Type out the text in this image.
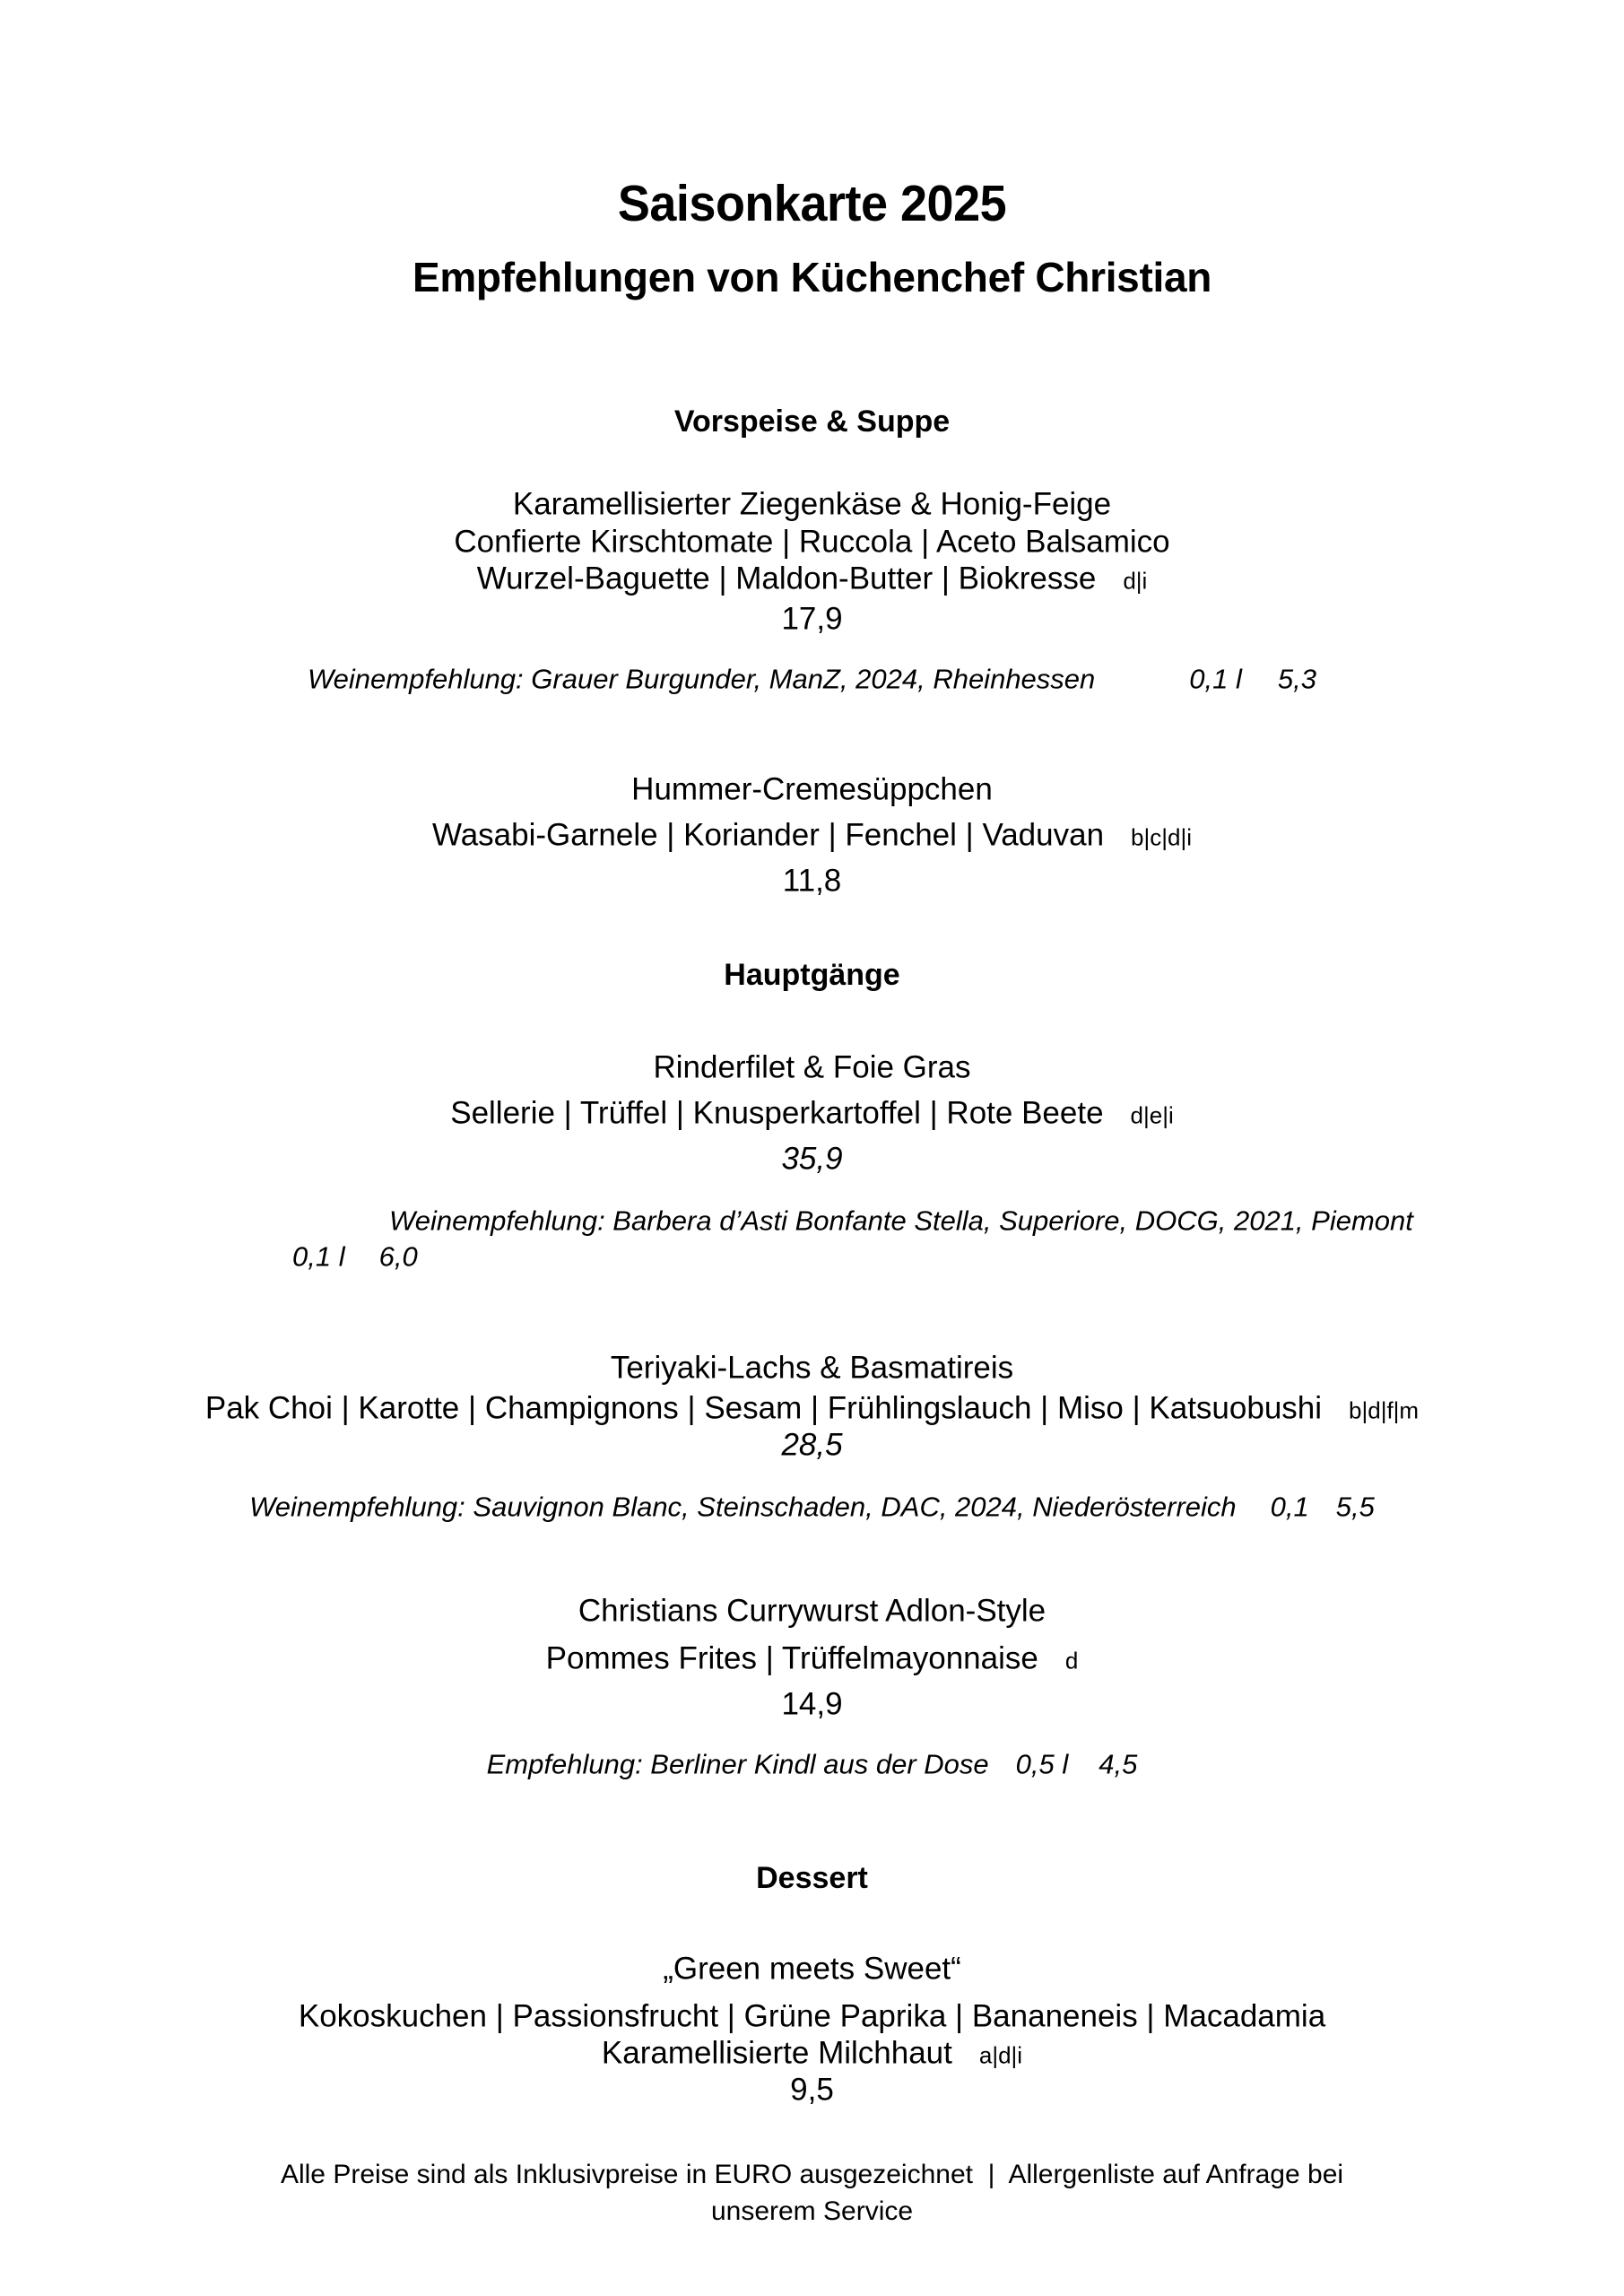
Saisonkarte 2025
Empfehlungen von Küchenchef Christian
Vorspeise & Suppe
Karamellisierter Ziegenkäse & Honig-Feige
Confierte Kirschtomate | Ruccola | Aceto Balsamico
Wurzel-Baguette | Maldon-Butter | Biokresse d|i
17,9
Weinempfehlung: Grauer Burgunder, ManZ, 2024, Rheinhessen	0,1 l 5,3
Hummer-Cremesüppchen
Wasabi-Garnele | Koriander | Fenchel | Vaduvan b|c|d|i
11,8
Hauptgänge
Rinderfilet & Foie Gras
Sellerie | Trüffel | Knusperkartoffel | Rote Beete d|e|i
35,9
Weinempfehlung: Barbera d’Asti Bonfante Stella, Superiore, DOCG, 2021, Piemont
0,1 l 6,0
Teriyaki-Lachs & Basmatireis
Pak Choi | Karotte | Champignons | Sesam | Frühlingslauch | Miso | Katsuobushi b|d|f|m
28,5
Weinempfehlung: Sauvignon Blanc, Steinschaden, DAC, 2024, Niederösterreich 0,1 5,5
Christians Currywurst Adlon-Style
Pommes Frites | Trüffelmayonnaise d
14,9
Empfehlung: Berliner Kindl aus der Dose 0,5 l 4,5
Dessert
„Green meets Sweet“
Kokoskuchen | Passionsfrucht | Grüne Paprika | Bananeneis | Macadamia
Karamellisierte Milchhaut a|d|i
9,5
Alle Preise sind als Inklusivpreise in EURO ausgezeichnet  |  Allergenliste auf Anfrage bei
unserem Service
